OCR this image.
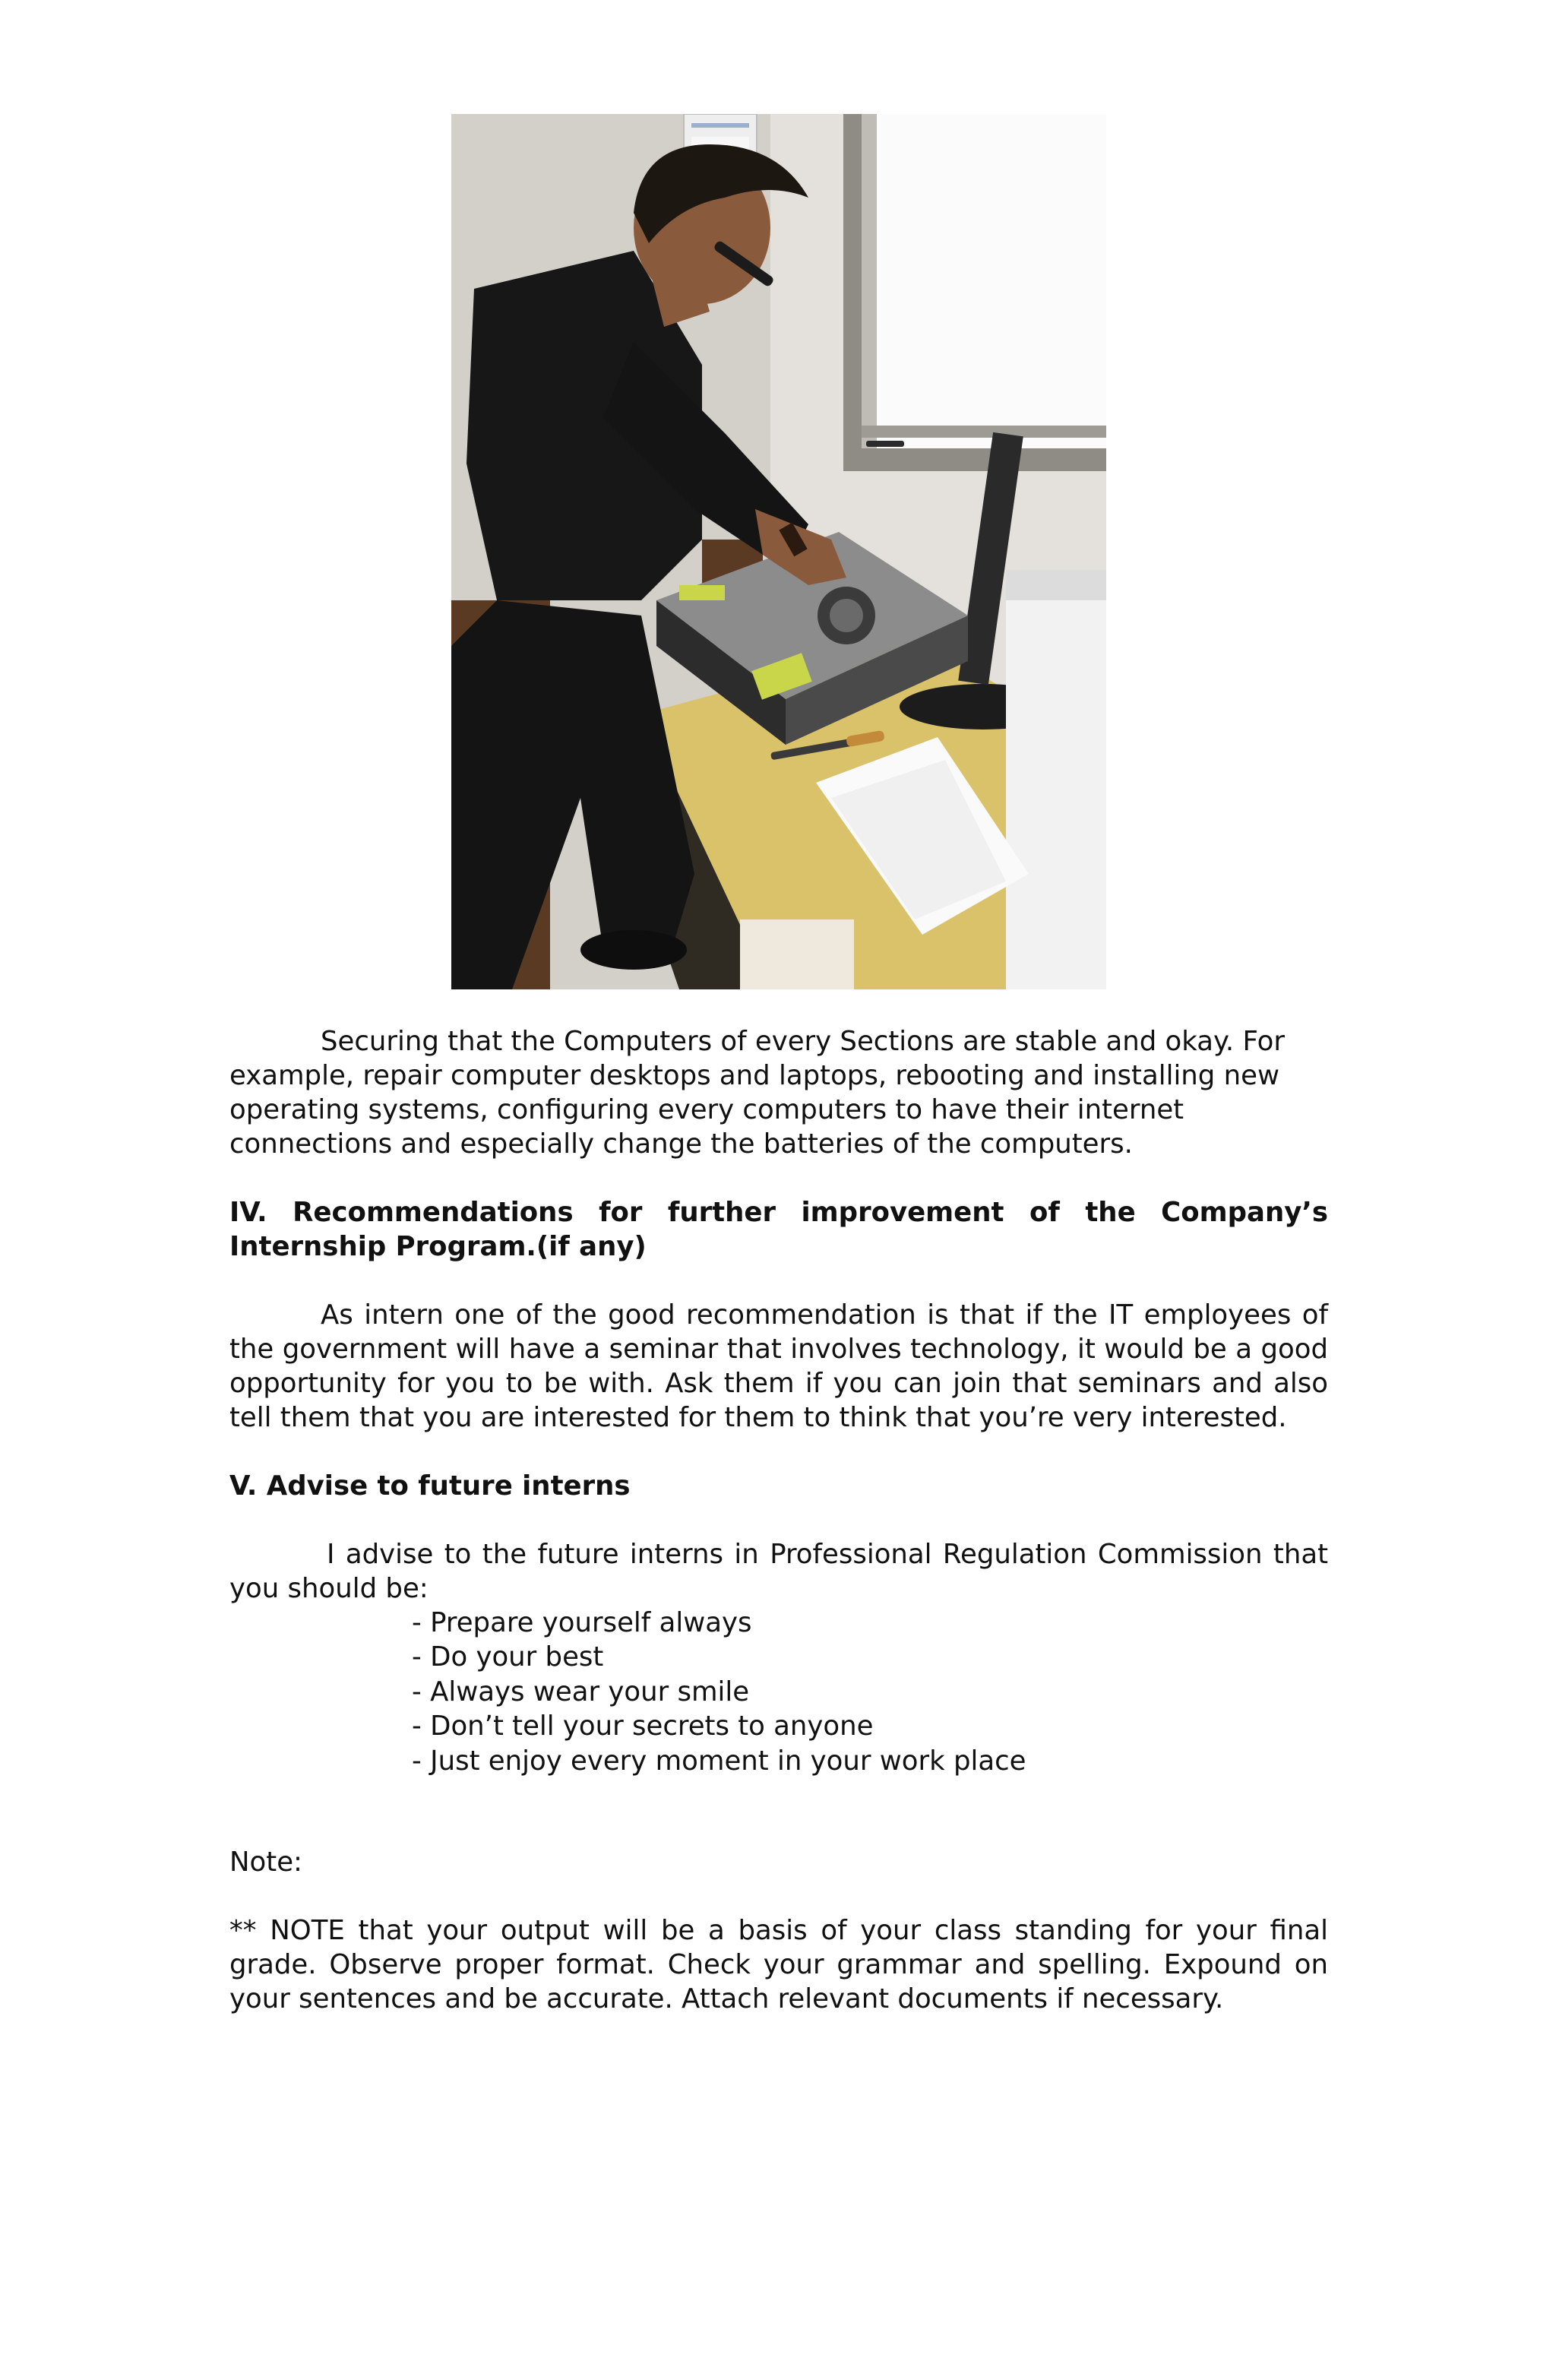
Securing that the Computers of every Sections are stable and okay. For example, repair computer desktops and laptops, rebooting and installing new operating systems, configuring every computers to have their internet connections and especially change the batteries of the computers.

IV. Recommendations for further improvement of the Company’s Internship Program.(if any)

As intern one of the good recommendation is that if the IT employees of the government will have a seminar that involves technology, it would be a good opportunity for you to be with. Ask them if you can join that seminars and also tell them that you are interested for them to think that you’re very interested.

V. Advise to future interns

I advise to the future interns in Professional Regulation Commission that you should be:

- Prepare yourself always
- Do your best
- Always wear your smile
- Don’t tell your secrets to anyone
- Just enjoy every moment in your work place

Note:

** NOTE that your output will be a basis of your class standing for your final grade. Observe proper format. Check your grammar and spelling. Expound on your sentences and be accurate. Attach relevant documents if necessary.
